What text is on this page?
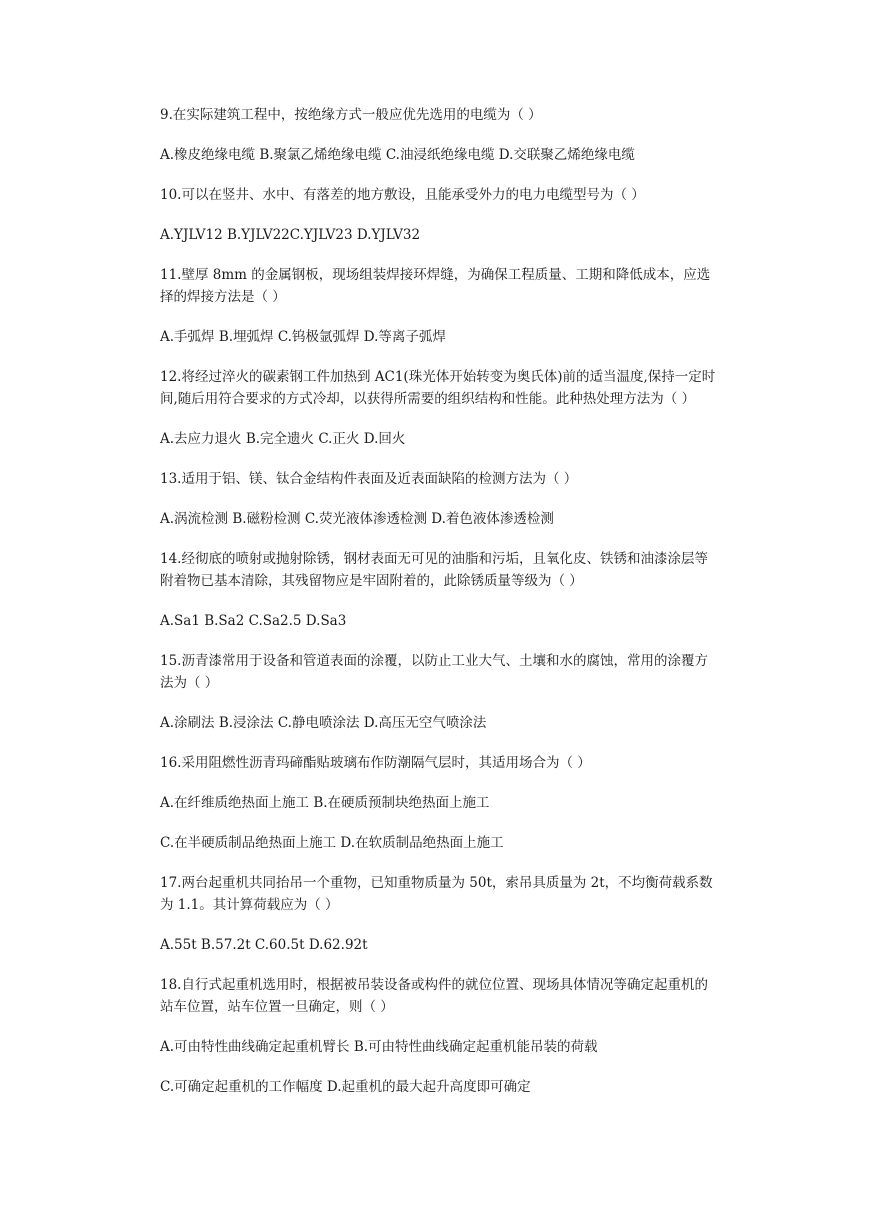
9.在实际建筑工程中，按绝缘方式一般应优先选用的电缆为（ ）

A.橡皮绝缘电缆 B.聚氯乙烯绝缘电缆 C.油浸纸绝缘电缆 D.交联聚乙烯绝缘电缆

10.可以在竖井、水中、有落差的地方敷设，且能承受外力的电力电缆型号为（ ）

A.YJLV12 B.YJLV22C.YJLV23 D.YJLV32

11.壁厚 8mm 的金属钢板，现场组装焊接环焊缝，为确保工程质量、工期和降低成本，应选择的焊接方法是（ ）

A.手弧焊 B.埋弧焊 C.钨极氩弧焊 D.等离子弧焊

12.将经过淬火的碳素钢工件加热到 AC1(珠光体开始转变为奥氏体)前的适当温度,保持一定时间,随后用符合要求的方式冷却，以获得所需要的组织结构和性能。此种热处理方法为（ ）

A.去应力退火 B.完全遗火 C.正火 D.回火

13.适用于铝、镁、钛合金结构件表面及近表面缺陷的检测方法为（ ）

A.涡流检测 B.磁粉检测 C.荧光液体渗透检测 D.着色液体渗透检测

14.经彻底的喷射或抛射除锈，钢材表面无可见的油脂和污垢，且氧化皮、铁锈和油漆涂层等附着物已基本清除，其残留物应是牢固附着的，此除锈质量等级为（ ）

A.Sa1 B.Sa2 C.Sa2.5 D.Sa3

15.沥青漆常用于设备和管道表面的涂覆，以防止工业大气、土壤和水的腐蚀，常用的涂覆方法为（ ）

A.涂刷法 B.浸涂法 C.静电喷涂法 D.高压无空气喷涂法

16.采用阻燃性沥青玛碲酯贴玻璃布作防潮隔气层时，其适用场合为（ ）

A.在纤维质绝热面上施工 B.在硬质预制块绝热面上施工

C.在半硬质制品绝热面上施工 D.在软质制品绝热面上施工

17.两台起重机共同抬吊一个重物，已知重物质量为 50t，索吊具质量为 2t，不均衡荷载系数为 1.1。其计算荷载应为（ ）

A.55t B.57.2t C.60.5t D.62.92t

18.自行式起重机选用时，根据被吊装设备或构件的就位位置、现场具体情况等确定起重机的站车位置，站车位置一旦确定，则（ ）

A.可由特性曲线确定起重机臂长 B.可由特性曲线确定起重机能吊装的荷载

C.可确定起重机的工作幅度 D.起重机的最大起升高度即可确定
